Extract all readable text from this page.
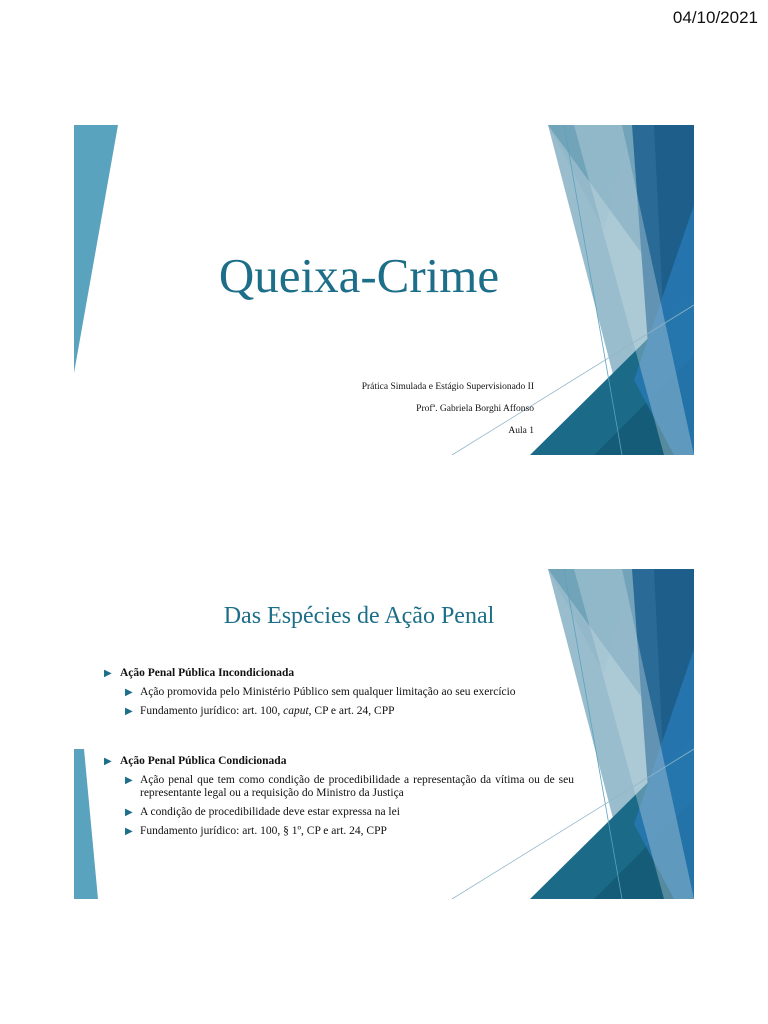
04/10/2021
Queixa-Crime
Prática Simulada e Estágio Supervisionado II
Profª. Gabriela Borghi Affonso
Aula 1
Das Espécies de Ação Penal
▶ Ação Penal Pública Incondicionada
▶ Ação promovida pelo Ministério Público sem qualquer limitação ao seu exercício
▶ Fundamento jurídico: art. 100, caput, CP e art. 24, CPP
▶ Ação Penal Pública Condicionada
▶ Ação penal que tem como condição de procedibilidade a representação da vítima ou de seu representante legal ou a requisição do Ministro da Justiça
▶ A condição de procedibilidade deve estar expressa na lei
▶ Fundamento jurídico: art. 100, § 1º, CP e art. 24, CPP
